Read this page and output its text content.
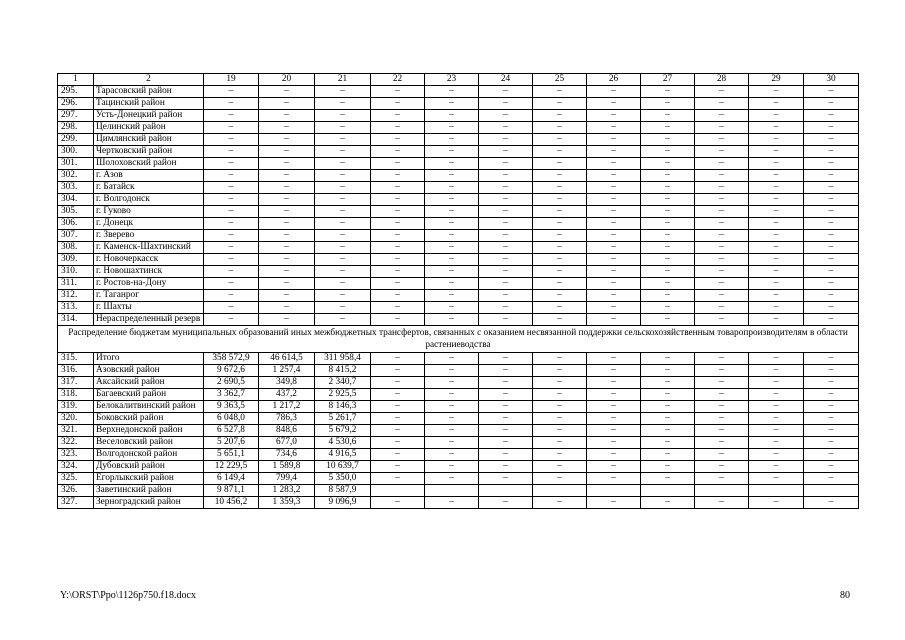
1	2	19	20	21	22	23	24	25	26	27	28	29	30
295.	Тарасовский район	–	–	–	–	–	–	–	–	–	–	–	–
296.	Тацинский район	–	–	–	–	–	–	–	–	–	–	–	–
297.	Усть-Донецкий район	–	–	–	–	–	–	–	–	–	–	–	–
298.	Целинский район	–	–	–	–	–	–	–	–	–	–	–	–
299.	Цимлянский район	–	–	–	–	–	–	–	–	–	–	–	–
300.	Чертковский район	–	–	–	–	–	–	–	–	–	–	–	–
301.	Шолоховский район	–	–	–	–	–	–	–	–	–	–	–	–
302.	г. Азов	–	–	–	–	–	–	–	–	–	–	–	–
303.	г. Батайск	–	–	–	–	–	–	–	–	–	–	–	–
304.	г. Волгодонск	–	–	–	–	–	–	–	–	–	–	–	–
305.	г. Гуково	–	–	–	–	–	–	–	–	–	–	–	–
306.	г. Донецк	–	–	–	–	–	–	–	–	–	–	–	–
307.	г. Зверево	–	–	–	–	–	–	–	–	–	–	–	–
308.	г. Каменск-Шахтинский	–	–	–	–	–	–	–	–	–	–	–	–
309.	г. Новочеркасск	–	–	–	–	–	–	–	–	–	–	–	–
310.	г. Новошахтинск	–	–	–	–	–	–	–	–	–	–	–	–
311.	г. Ростов-на-Дону	–	–	–	–	–	–	–	–	–	–	–	–
312.	г. Таганрог	–	–	–	–	–	–	–	–	–	–	–	–
313.	г. Шахты	–	–	–	–	–	–	–	–	–	–	–	–
314.	Нераспределенный резерв	–	–	–	–	–	–	–	–	–	–	–	–
Распределение бюджетам муниципальных образований иных межбюджетных трансфертов, связанных с оказанием несвязанной поддержки сельскохозяйственным товаропроизводителям в области растениеводства													
315.	Итого	358 572,9	46 614,5	311 958,4	–	–	–	–	–	–	–	–	–
316.	Азовский район	9 672,6	1 257,4	8 415,2	–	–	–	–	–	–	–	–	–
317.	Аксайский район	2 690,5	349,8	2 340,7	–	–	–	–	–	–	–	–	–
318.	Багаевский район	3 362,7	437,2	2 925,5	–	–	–	–	–	–	–	–	–
319.	Белокалитвинский район	9 363,5	1 217,2	8 146,3	–	–	–	–	–	–	–	–	–
320.	Боковский район	6 048,0	786,3	5 261,7	–	–	–	–	–	–	–	–	–
321.	Верхнедонской район	6 527,8	848,6	5 679,2	–	–	–	–	–	–	–	–	–
322.	Веселовский район	5 207,6	677,0	4 530,6	–	–	–	–	–	–	–	–	–
323.	Волгодонской район	5 651,1	734,6	4 916,5	–	–	–	–	–	–	–	–	–
324.	Дубовский район	12 229,5	1 589,8	10 639,7	–	–	–	–	–	–	–	–	–
325.	Егорлыкский район	6 149,4	799,4	5 350,0	–	–	–	–	–	–	–	–	–
326.	Заветинский район	9 871,1	1 283,2	8 587,9									
327.	Зерноградский район	10 456,2	1 359,3	9 096,9	–	–	–	–	–	–	–	–	–
Y:\ORST\Ppo\1126p750.f18.docx	80
